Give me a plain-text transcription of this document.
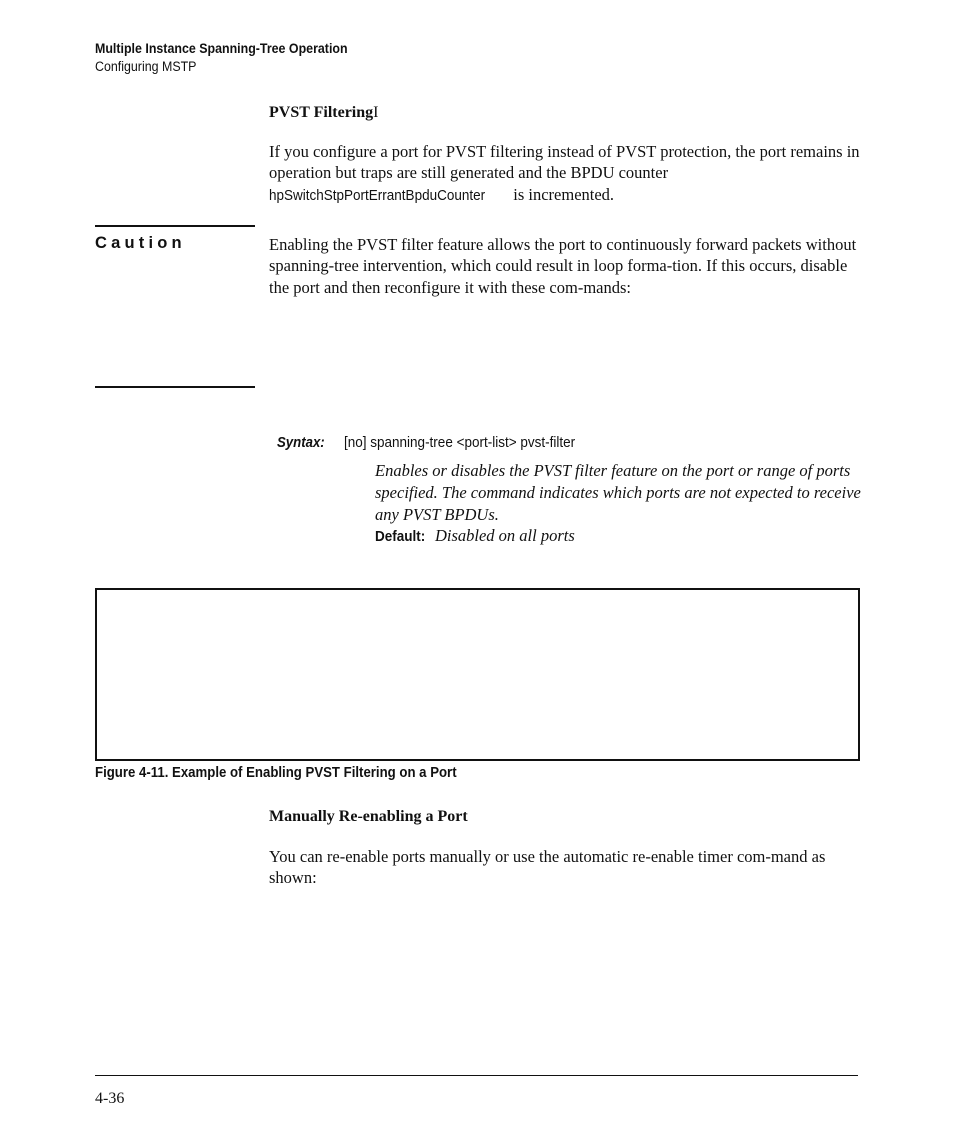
Multiple Instance Spanning-Tree Operation
Configuring MSTP
PVST FilteringI
If you configure a port for PVST filtering instead of PVST protection, the port remains in operation but traps are still generated and the BPDU counter hpSwitchStpPortErrantBpduCounter is incremented.
Caution	Enabling the PVST filter feature allows the port to continuously forward packets without spanning-tree intervention, which could result in loop forma-tion. If this occurs, disable the port and then reconfigure it with these com-mands:
Syntax: [no] spanning-tree <port-list> pvst-filter
Enables or disables the PVST filter feature on the port or range of ports specified. The command indicates which ports are not expected to receive any PVST BPDUs.
Default: Disabled on all ports
Figure 4-11. Example of Enabling PVST Filtering on a Port
Manually Re-enabling a Port
You can re-enable ports manually or use the automatic re-enable timer com-mand as shown:
4-36
